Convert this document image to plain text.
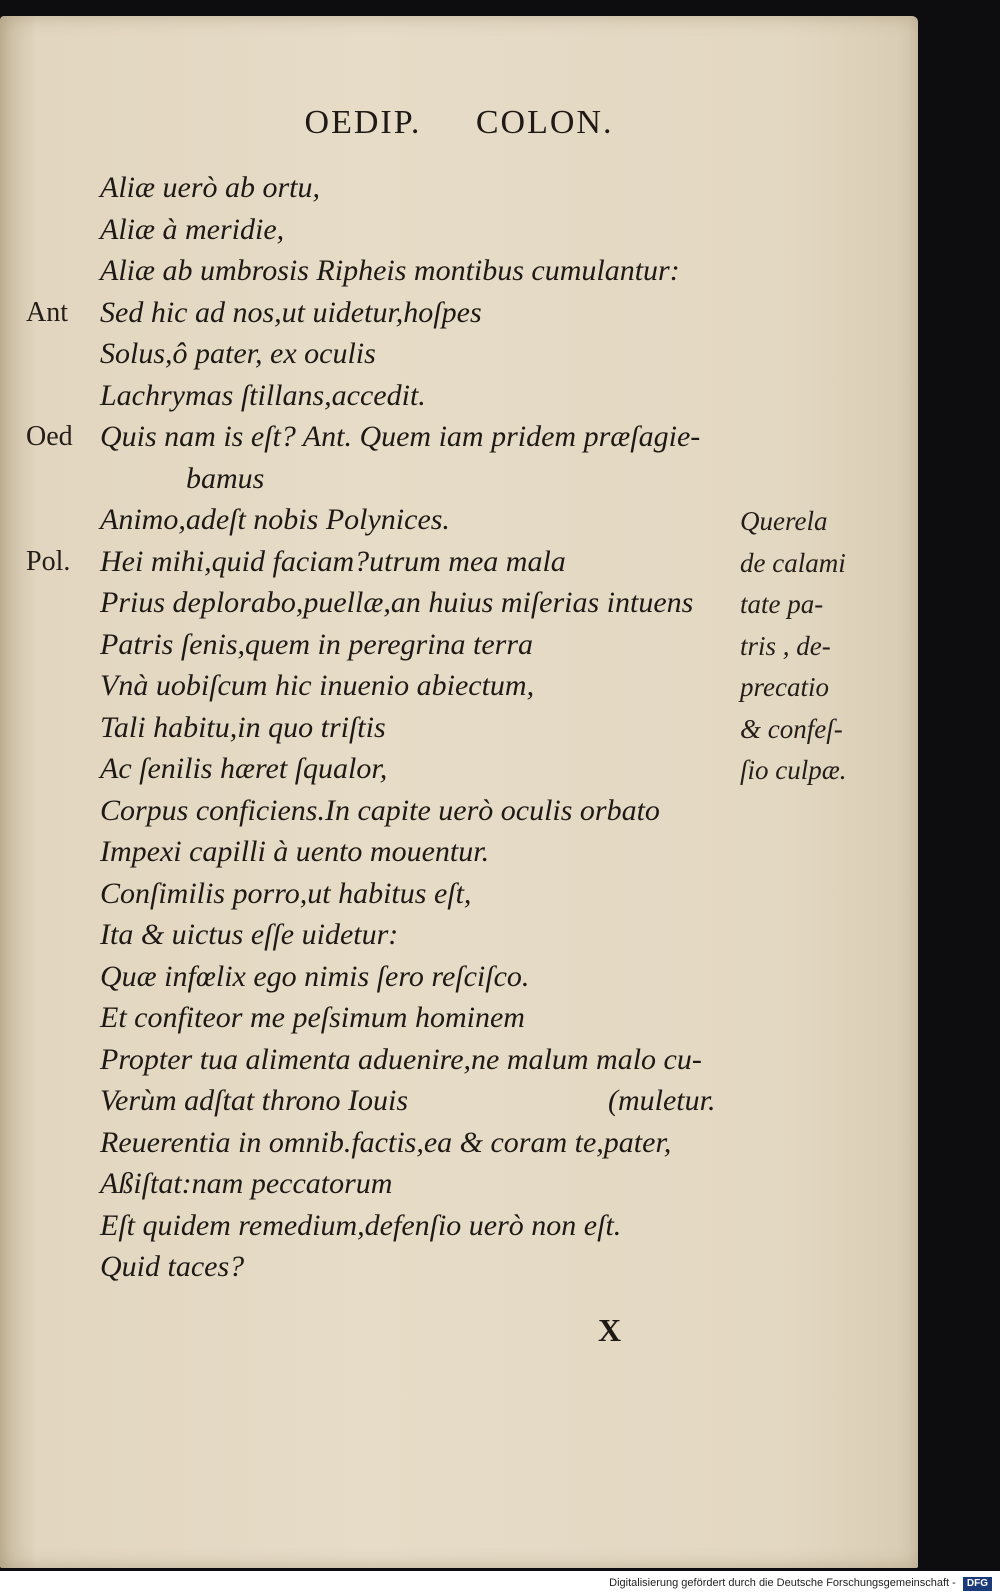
OEDIP. COLON.
Aliæ uerò ab ortu,
Aliæ à meridie,
Aliæ ab umbrosis Ripheis montibus cumulantur:
Ant	Sed hic ad nos,ut uidetur,hoſpes
Solus,ô pater, ex oculis
Lachrymas ſtillans,accedit.
Oed Quis nam is eſt? Ant. Quem iam pridem præſagie-
bamus
Animo,adeſt nobis Polynices.
Pol. Hei mihi,quid faciam?utrum mea mala
Prius deplorabo,puellæ,an huius miſerias intuens
Patris ſenis,quem in peregrina terra
Vnà uobiſcum hic inuenio abiectum,
Tali habitu,in quo triſtis
Ac ſenilis hæret ſqualor,
Corpus conficiens.In capite uerò oculis orbato
Impexi capilli à uento mouentur.
Conſimilis porro,ut habitus eſt,
Ita & uictus eſſe uidetur:
Quæ infœlix ego nimis ſero reſciſco.
Et confiteor me peſsimum hominem
Propter tua alimenta aduenire,ne malum malo cu-
Verùm adſtat throno Iouis	(muletur.
Reuerentia in omnib.factis,ea & coram te,pater,
Aßiſtat:nam peccatorum
Eſt quidem remedium,defenſio uerò non eſt.
Quid taces?
Querela
de calami
tate pa-
tris , de-
precatio
& confeſ-
ſio culpæ.
X
Digitalisierung gefördert durch die Deutsche Forschungsgemeinschaft - DFG
